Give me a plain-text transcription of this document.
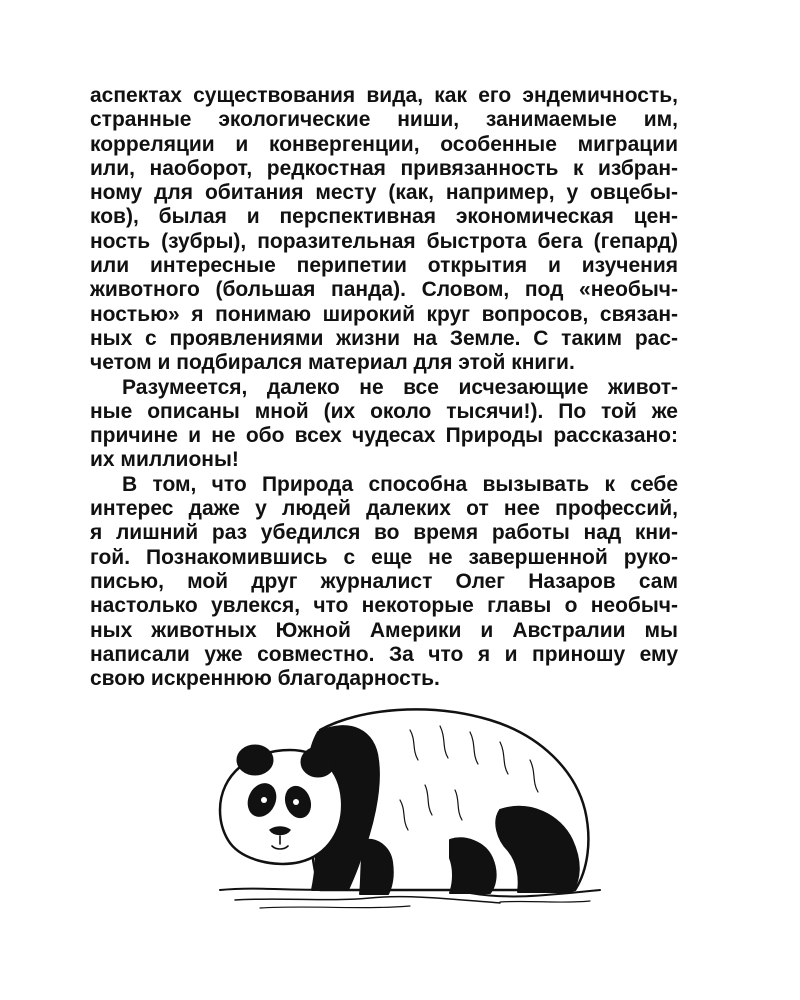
аспектах существования вида, как его эндемичность,
странные экологические ниши, занимаемые им,
корреляции и конвергенции, особенные миграции
или, наоборот, редкостная привязанность к избран-
ному для обитания месту (как, например, у овцебы-
ков), былая и перспективная экономическая цен-
ность (зубры), поразительная быстрота бега (гепард)
или интересные перипетии открытия и изучения
животного (большая панда). Словом, под «необыч-
ностью» я понимаю широкий круг вопросов, связан-
ных с проявлениями жизни на Земле. С таким рас-
четом и подбирался материал для этой книги.
Разумеется, далеко не все исчезающие живот-
ные описаны мной (их около тысячи!). По той же
причине и не обо всех чудесах Природы рассказано:
их миллионы!
В том, что Природа способна вызывать к себе
интерес даже у людей далеких от нее профессий,
я лишний раз убедился во время работы над кни-
гой. Познакомившись с еще не завершенной руко-
писью, мой друг журналист Олег Назаров сам
настолько увлекся, что некоторые главы о необыч-
ных животных Южной Америки и Австралии мы
написали уже совместно. За что я и приношу ему
свою искреннюю благодарность.
